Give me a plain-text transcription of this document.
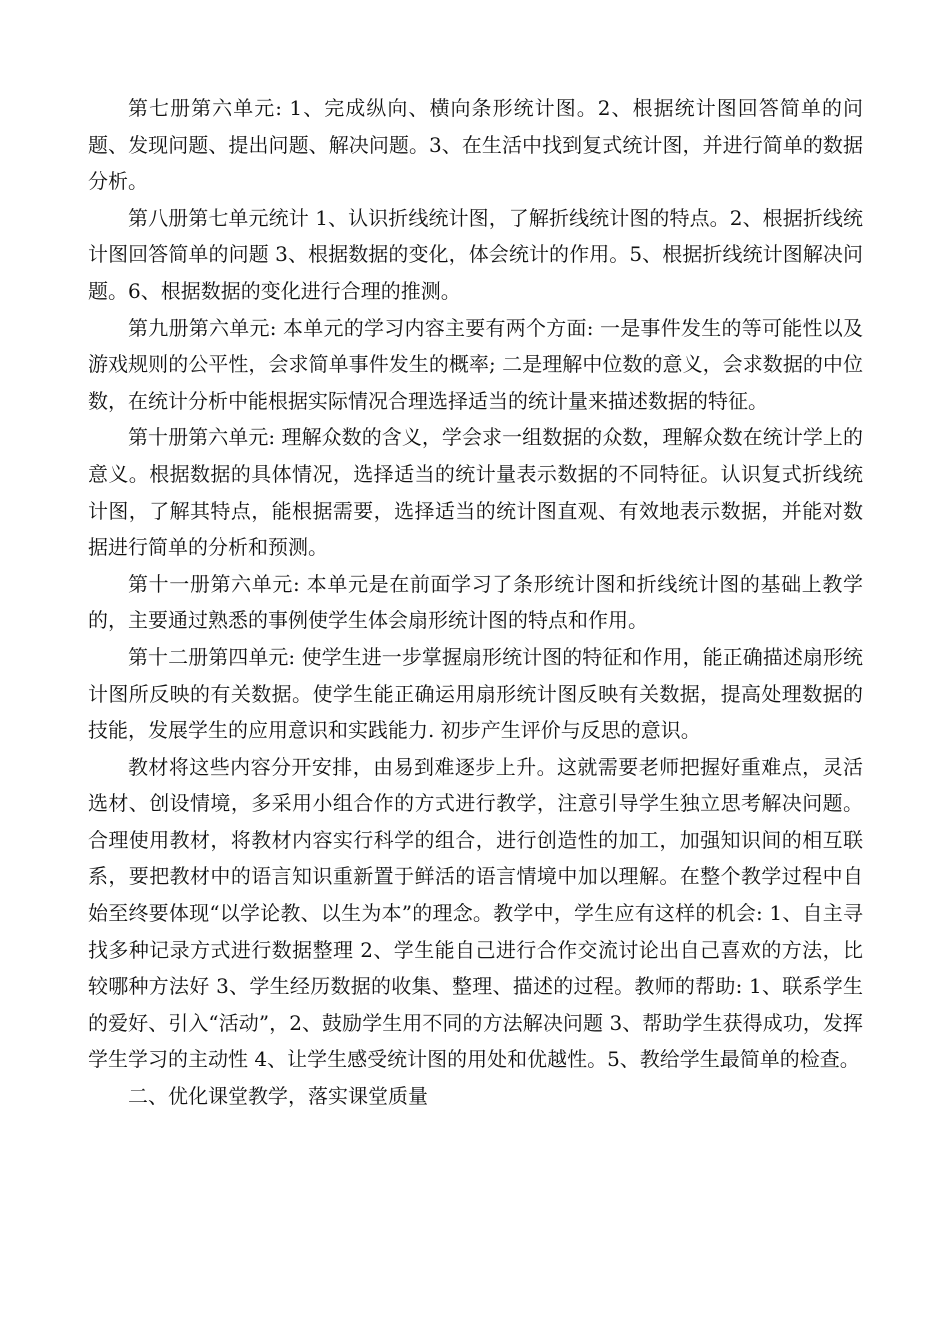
第七册第六单元: 1、完成纵向、横向条形统计图。2、根据统计图回答简单的问题、发现问题、提出问题、解决问题。3、在生活中找到复式统计图，并进行简单的数据分析。

第八册第七单元统计 1、认识折线统计图，了解折线统计图的特点。2、根据折线统计图回答简单的问题 3、根据数据的变化，体会统计的作用。5、根据折线统计图解决问题。6、根据数据的变化进行合理的推测。

第九册第六单元: 本单元的学习内容主要有两个方面: 一是事件发生的等可能性以及游戏规则的公平性，会求简单事件发生的概率; 二是理解中位数的意义，会求数据的中位数，在统计分析中能根据实际情况合理选择适当的统计量来描述数据的特征。

第十册第六单元: 理解众数的含义，学会求一组数据的众数，理解众数在统计学上的意义。根据数据的具体情况，选择适当的统计量表示数据的不同特征。认识复式折线统计图，了解其特点，能根据需要，选择适当的统计图直观、有效地表示数据，并能对数据进行简单的分析和预测。

第十一册第六单元: 本单元是在前面学习了条形统计图和折线统计图的基础上教学的，主要通过熟悉的事例使学生体会扇形统计图的特点和作用。

第十二册第四单元: 使学生进一步掌握扇形统计图的特征和作用，能正确描述扇形统计图所反映的有关数据。使学生能正确运用扇形统计图反映有关数据，提高处理数据的技能，发展学生的应用意识和实践能力. 初步产生评价与反思的意识。

教材将这些内容分开安排，由易到难逐步上升。这就需要老师把握好重难点，灵活选材、创设情境，多采用小组合作的方式进行教学，注意引导学生独立思考解决问题。合理使用教材，将教材内容实行科学的组合，进行创造性的加工，加强知识间的相互联系，要把教材中的语言知识重新置于鲜活的语言情境中加以理解。在整个教学过程中自始至终要体现“以学论教、以生为本”的理念。教学中，学生应有这样的机会: 1、自主寻找多种记录方式进行数据整理 2、学生能自己进行合作交流讨论出自己喜欢的方法，比较哪种方法好 3、学生经历数据的收集、整理、描述的过程。教师的帮助: 1、联系学生的爱好、引入“活动”，2、鼓励学生用不同的方法解决问题 3、帮助学生获得成功，发挥学生学习的主动性 4、让学生感受统计图的用处和优越性。5、教给学生最简单的检查。

二、优化课堂教学，落实课堂质量
